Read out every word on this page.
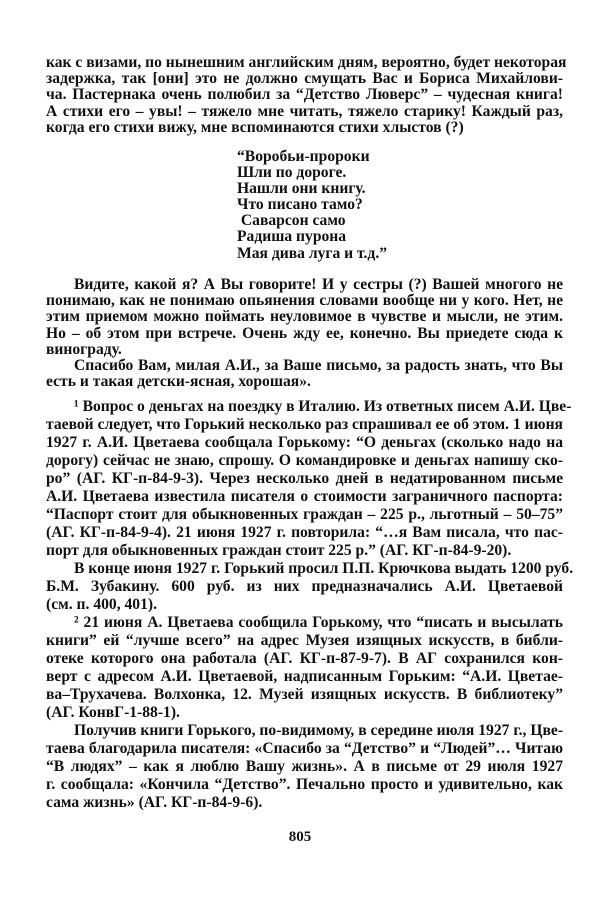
как с визами, по нынешним английским дням, вероятно, будет некоторая
задержка, так [они] это не должно смущать Вас и Бориса Михайлови-
ча. Пастернака очень полюбил за “Детство Люверс” – чудесная книга!
А стихи его – увы! – тяжело мне читать, тяжело старику! Каждый раз,
когда его стихи вижу, мне вспоминаются стихи хлыстов (?)
“Воробьи-пророки
Шли по дороге.
Нашли они книгу.
Что писано тамо?
Саварсон само
Радиша пурона
Мая дива луга и т.д.”
Видите, какой я? А Вы говорите! И у сестры (?) Вашей многого не
понимаю, как не понимаю опьянения словами вообще ни у кого. Нет, не
этим приемом можно поймать неуловимое в чувстве и мысли, не этим.
Но – об этом при встрече. Очень жду ее, конечно. Вы приедете сюда к
винограду.
Спасибо Вам, милая А.И., за Ваше письмо, за радость знать, что Вы
есть и такая детски-ясная, хорошая».
¹ Вопрос о деньгах на поездку в Италию. Из ответных писем А.И. Цве-
таевой следует, что Горький несколько раз спрашивал ее об этом. 1 июня
1927 г. А.И. Цветаева сообщала Горькому: “О деньгах (сколько надо на
дорогу) сейчас не знаю, спрошу. О командировке и деньгах напишу ско-
ро” (АГ. КГ-п-84-9-3). Через несколько дней в недатированном письме
А.И. Цветаева известила писателя о стоимости заграничного паспорта:
“Паспорт стоит для обыкновенных граждан – 225 р., льготный – 50–75”
(АГ. КГ-п-84-9-4). 21 июня 1927 г. повторила: “…я Вам писала, что пас-
порт для обыкновенных граждан стоит 225 р.” (АГ. КГ-п-84-9-20).
В конце июня 1927 г. Горький просил П.П. Крючкова выдать 1200 руб.
Б.М. Зубакину. 600 руб. из них предназначались А.И. Цветаевой
(см. п. 400, 401).
² 21 июня А. Цветаева сообщила Горькому, что “писать и высылать
книги” ей “лучше всего” на адрес Музея изящных искусств, в библи-
отеке которого она работала (АГ. КГ-п-87-9-7). В АГ сохранился кон-
верт с адресом А.И. Цветаевой, надписанным Горьким: “А.И. Цветае-
ва–Трухачева. Волхонка, 12. Музей изящных искусств. В библиотеку”
(АГ. КонвГ-1-88-1).
Получив книги Горького, по-видимому, в середине июля 1927 г., Цве-
таева благодарила писателя: «Спасибо за “Детство” и “Людей”… Читаю
“В людях” – как я люблю Вашу жизнь». А в письме от 29 июля 1927
г. сообщала: «Кончила “Детство”. Печально просто и удивительно, как
сама жизнь» (АГ. КГ-п-84-9-6).
805
